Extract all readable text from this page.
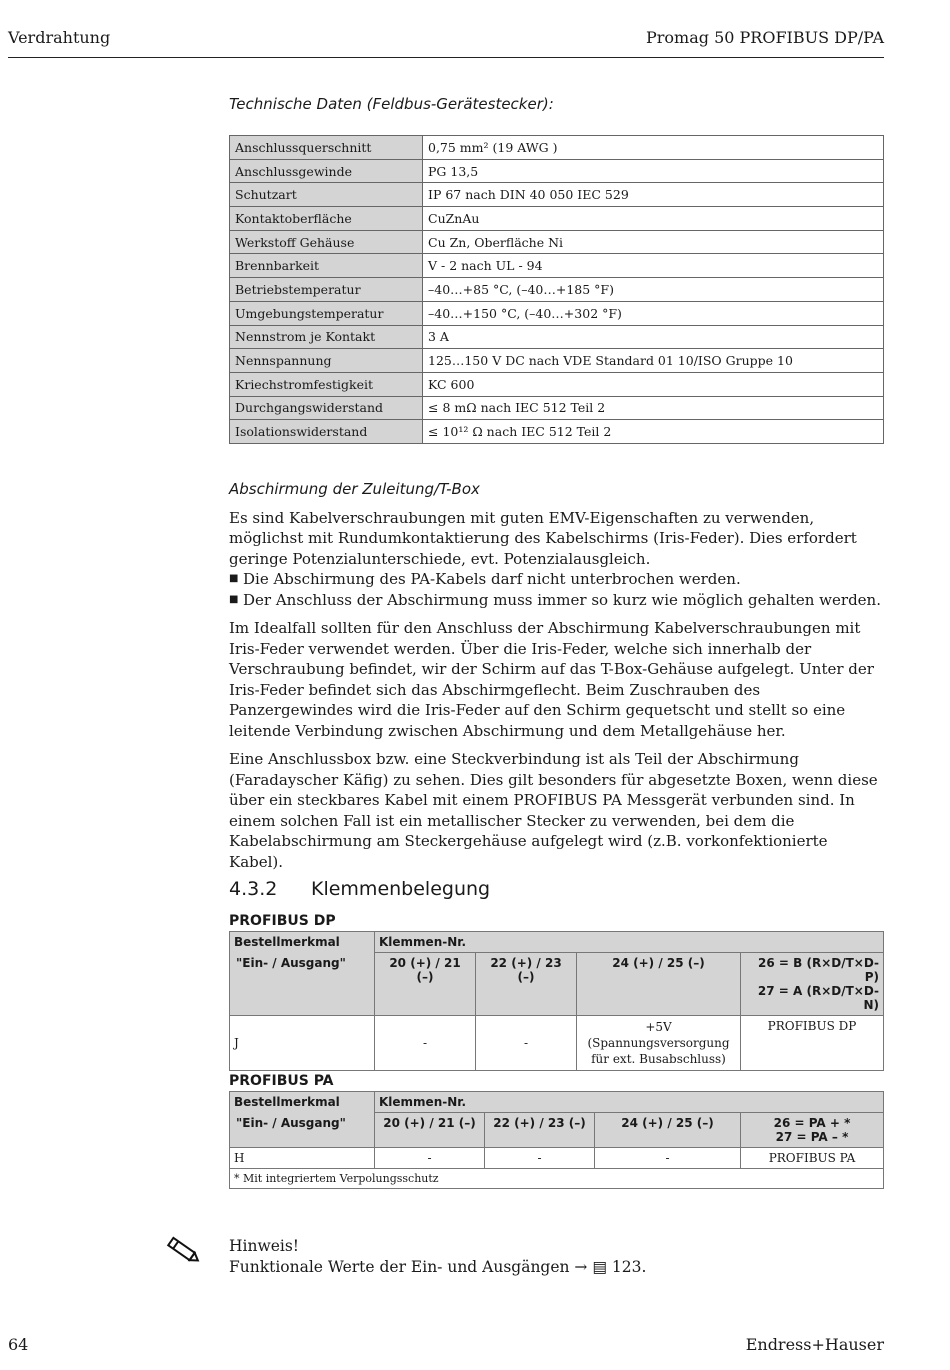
Verdrahtung	Promag 50 PROFIBUS DP/PA
Technische Daten (Feldbus-Gerätestecker):
Anschlussquerschnitt	0,75 mm² (19 AWG )
Anschlussgewinde	PG 13,5
Schutzart	IP 67 nach DIN 40 050 IEC 529
Kontaktoberfläche	CuZnAu
Werkstoff Gehäuse	Cu Zn, Oberfläche Ni
Brennbarkeit	V - 2 nach UL - 94
Betriebstemperatur	–40…+85 °C, (–40…+185 °F)
Umgebungstemperatur	–40…+150 °C, (–40…+302 °F)
Nennstrom je Kontakt	3 A
Nennspannung	125…150 V DC nach VDE Standard 01 10/ISO Gruppe 10
Kriechstromfestigkeit	KC 600
Durchgangswiderstand	≤ 8 mΩ nach IEC 512 Teil 2
Isolationswiderstand	≤ 10¹² Ω nach IEC 512 Teil 2
Abschirmung der Zuleitung/T-Box

Es sind Kabelverschraubungen mit guten EMV-Eigenschaften zu verwenden, möglichst mit Rundumkontaktierung des Kabelschirms (Iris-Feder). Dies erfordert geringe Potenzialunterschiede, evt. Potenzialausgleich.

■ Die Abschirmung des PA-Kabels darf nicht unterbrochen werden.
■ Der Anschluss der Abschirmung muss immer so kurz wie möglich gehalten werden.

Im Idealfall sollten für den Anschluss der Abschirmung Kabelverschraubungen mit Iris-Feder verwendet werden. Über die Iris-Feder, welche sich innerhalb der Verschraubung befindet, wir der Schirm auf das T-Box-Gehäuse aufgelegt. Unter der Iris-Feder befindet sich das Abschirmgeflecht. Beim Zuschrauben des Panzergewindes wird die Iris-Feder auf den Schirm gequetscht und stellt so eine leitende Verbindung zwischen Abschirmung und dem Metallgehäuse her.

Eine Anschlussbox bzw. eine Steckverbindung ist als Teil der Abschirmung (Faradayscher Käfig) zu sehen. Dies gilt besonders für abgesetzte Boxen, wenn diese über ein steckbares Kabel mit einem PROFIBUS PA Messgerät verbunden sind. In einem solchen Fall ist ein metallischer Stecker zu verwenden, bei dem die Kabelabschirmung am Steckergehäuse aufgelegt wird (z.B. vorkonfektionierte Kabel).

4.3.2 Klemmenbelegung
PROFIBUS DP
Bestellmerkmal	Klemmen-Nr.			
"Ein- / Ausgang"	20 (+) / 21 (–)	22 (+) / 23 (–)	24 (+) / 25 (–)	26 = B (R×D/T×D-P)
27 = A (R×D/T×D-N)

J	-	-	+5V (Spannungsversorgung für ext. Busabschluss)	PROFIBUS DP
PROFIBUS PA
Bestellmerkmal	Klemmen-Nr.			
"Ein- / Ausgang"	20 (+) / 21 (–)	22 (+) / 23 (–)	24 (+) / 25 (–)	26 = PA + *
27 = PA – *

H	-	-	-	PROFIBUS PA
* Mit integriertem Verpolungsschutz				
Hinweis!
Funktionale Werte der Ein- und Ausgängen → ▤ 123.
64	Endress+Hauser
